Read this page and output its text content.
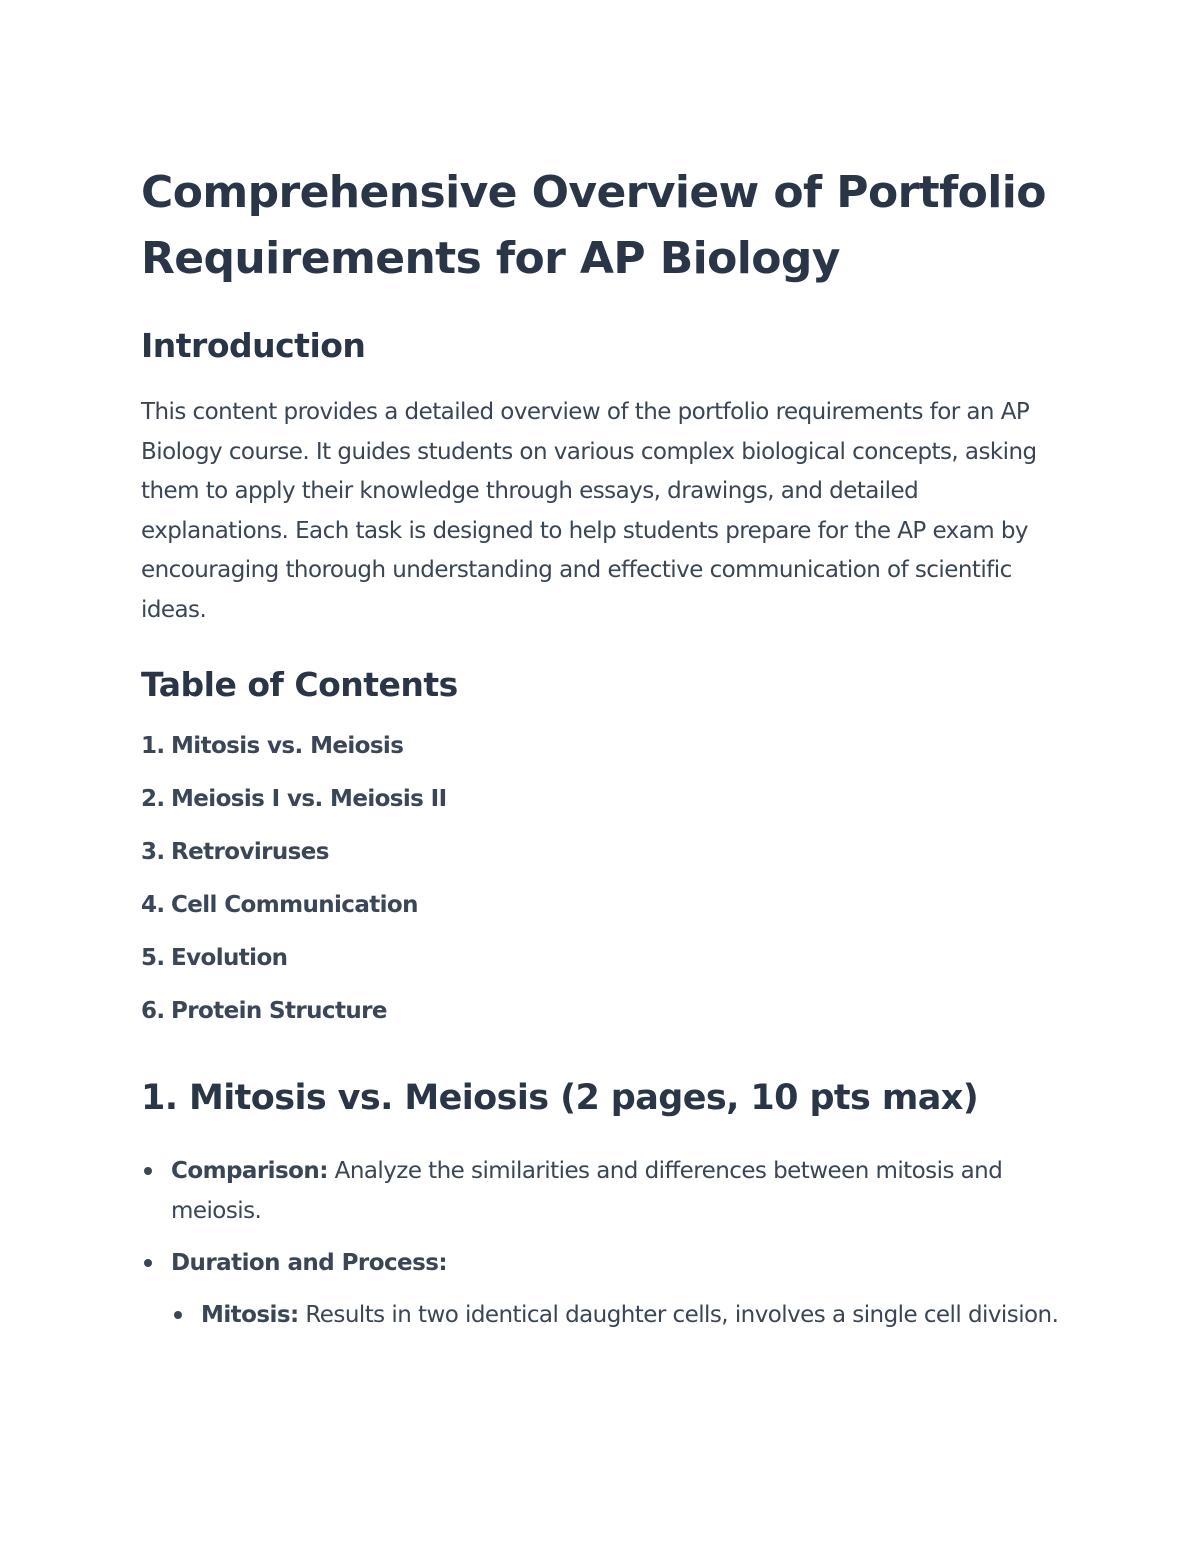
Comprehensive Overview of Portfolio Requirements for AP Biology
Introduction

This content provides a detailed overview of the portfolio requirements for an AP Biology course. It guides students on various complex biological concepts, asking them to apply their knowledge through essays, drawings, and detailed explanations. Each task is designed to help students prepare for the AP exam by encouraging thorough understanding and effective communication of scientific ideas.

Table of Contents
1. Mitosis vs. Meiosis
2. Meiosis I vs. Meiosis II
3. Retroviruses
4. Cell Communication
5. Evolution
6. Protein Structure
1. Mitosis vs. Meiosis (2 pages, 10 pts max)
Comparison: Analyze the similarities and differences between mitosis and meiosis.
Duration and Process:
Mitosis: Results in two identical daughter cells, involves a single cell division.
